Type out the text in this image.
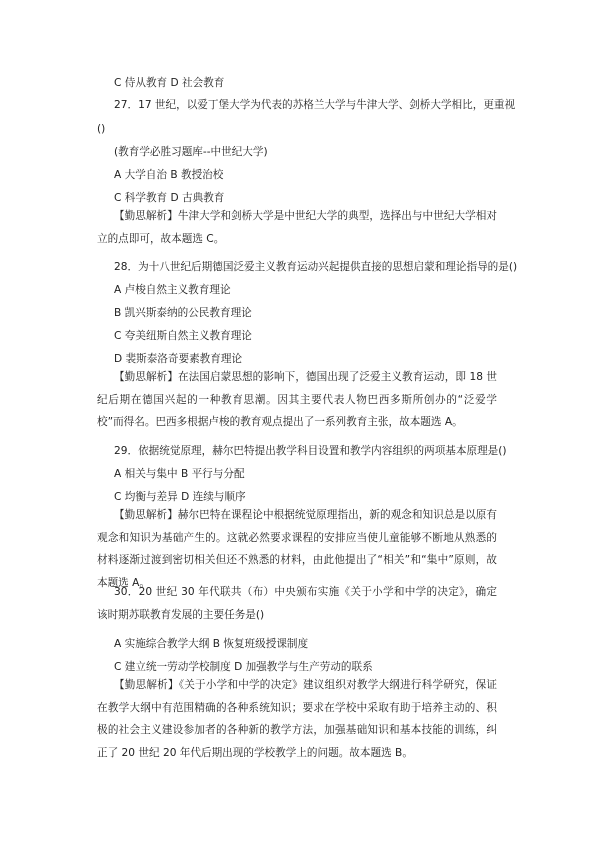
C 侍从教育 D 社会教育
27．17 世纪，以爱丁堡大学为代表的苏格兰大学与牛津大学、剑桥大学相比，更重视
()
(教育学必胜习题库--中世纪大学)
A 大学自治 B 教授治校
C 科学教育 D 古典教育
【勤思解析】牛津大学和剑桥大学是中世纪大学的典型，选择出与中世纪大学相对立的点即可，故本题选 C。
28．为十八世纪后期德国泛爱主义教育运动兴起提供直接的思想启蒙和理论指导的是()
A 卢梭自然主义教育理论
B 凯兴斯泰纳的公民教育理论
C 夸美纽斯自然主义教育理论
D 裴斯泰洛奇要素教育理论
【勤思解析】在法国启蒙思想的影响下，德国出现了泛爱主义教育运动，即 18 世纪后期在德国兴起的一种教育思潮。因其主要代表人物巴西多斯所创办的“泛爱学校”而得名。巴西多根据卢梭的教育观点提出了一系列教育主张，故本题选 A。
29．依据统觉原理，赫尔巴特提出教学科目设置和教学内容组织的两项基本原理是()
A 相关与集中 B 平行与分配
C 均衡与差异 D 连续与顺序
【勤思解析】赫尔巴特在课程论中根据统觉原理指出，新的观念和知识总是以原有观念和知识为基础产生的。这就必然要求课程的安排应当使儿童能够不断地从熟悉的材料逐渐过渡到密切相关但还不熟悉的材料，由此他提出了“相关”和“集中”原则，故本题选 A。
30．20 世纪 30 年代联共（布）中央颁布实施《关于小学和中学的决定》，确定该时期苏联教育发展的主要任务是()
A 实施综合教学大纲 B 恢复班级授课制度
C 建立统一劳动学校制度 D 加强教学与生产劳动的联系
【勤思解析】《关于小学和中学的决定》建议组织对教学大纲进行科学研究，保证在教学大纲中有范围精确的各种系统知识；要求在学校中采取有助于培养主动的、积极的社会主义建设参加者的各种新的教学方法，加强基础知识和基本技能的训练，纠正了 20 世纪 20 年代后期出现的学校教学上的问题。故本题选 B。
